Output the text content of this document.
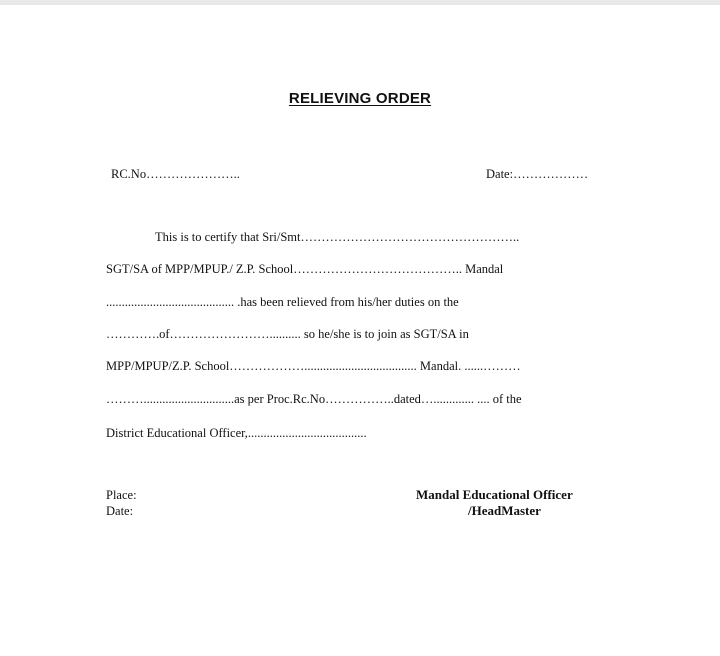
RELIEVING ORDER
RC.No…………………..	Date:………………
This is to certify that Sri/Smt……………………………………………..
SGT/SA of MPP/MPUP./ Z.P. School………………………………….. Mandal
......................................... .has been relieved from his/her duties on the
………….of…………………….......... so he/she is to join as SGT/SA in
MPP/MPUP/Z.P. School……………….................................... Mandal. ......………
……….............................as per Proc.Rc.No……………..dated…............. .... of the
District Educational Officer,......................................
Place:
Date:
Mandal Educational Officer
/HeadMaster
